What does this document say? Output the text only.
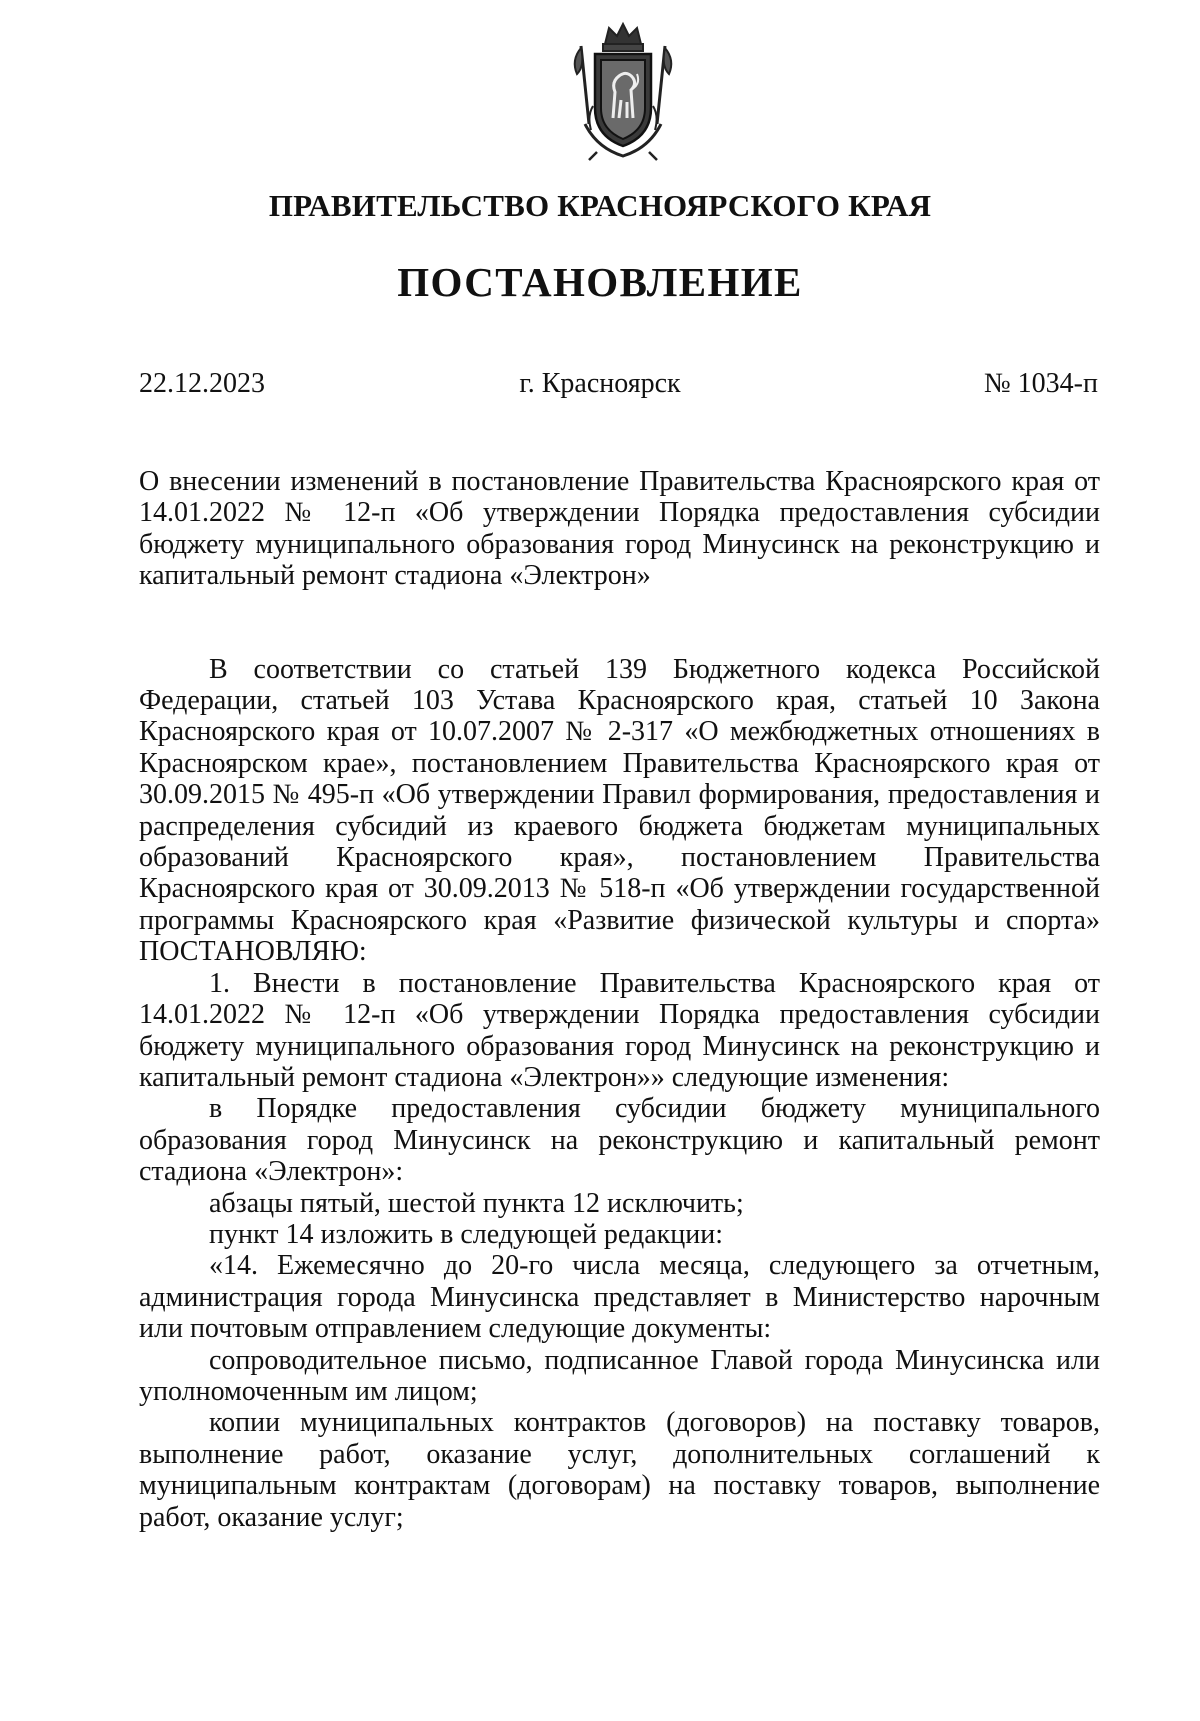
ПРАВИТЕЛЬСТВО КРАСНОЯРСКОГО КРАЯ
ПОСТАНОВЛЕНИЕ
г. Красноярск
22.12.2023	№ 1034-п

О внесении изменений в постановление Правительства Красноярского края от 14.01.2022 № 12-п «Об утверждении Порядка предоставления субсидии бюджету муниципального образования город Минусинск на реконструкцию и капитальный ремонт стадиона «Электрон»

В соответствии со статьей 139 Бюджетного кодекса Российской Федерации, статьей 103 Устава Красноярского края, статьей 10 Закона Красноярского края от 10.07.2007 № 2-317 «О межбюджетных отношениях в Красноярском крае», постановлением Правительства Красноярского края от 30.09.2015 № 495-п «Об утверждении Правил формирования, предоставления и распределения субсидий из краевого бюджета бюджетам муниципальных образований Красноярского края», постановлением Правительства Красноярского края от 30.09.2013 № 518-п «Об утверждении государственной программы Красноярского края «Развитие физической культуры и спорта» ПОСТАНОВЛЯЮ:

1. Внести в постановление Правительства Красноярского края от 14.01.2022 № 12-п «Об утверждении Порядка предоставления субсидии бюджету муниципального образования город Минусинск на реконструкцию и капитальный ремонт стадиона «Электрон»» следующие изменения:

в Порядке предоставления субсидии бюджету муниципального образования город Минусинск на реконструкцию и капитальный ремонт стадиона «Электрон»:

абзацы пятый, шестой пункта 12 исключить;

пункт 14 изложить в следующей редакции:

«14. Ежемесячно до 20-го числа месяца, следующего за отчетным, администрация города Минусинска представляет в Министерство нарочным или почтовым отправлением следующие документы:

сопроводительное письмо, подписанное Главой города Минусинска или уполномоченным им лицом;

копии муниципальных контрактов (договоров) на поставку товаров, выполнение работ, оказание услуг, дополнительных соглашений к муниципальным контрактам (договорам) на поставку товаров, выполнение работ, оказание услуг;
